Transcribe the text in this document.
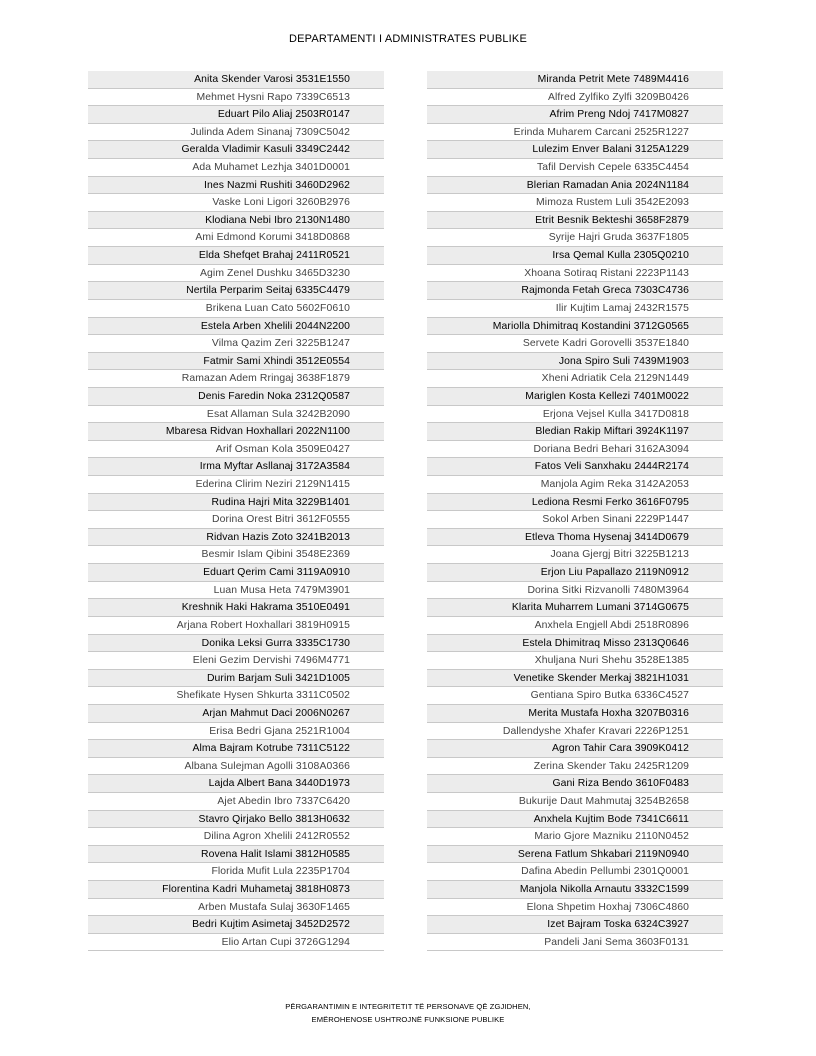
DEPARTAMENTI I ADMINISTRATES PUBLIKE
Anita Skender Varosi 3531E1550
Mehmet Hysni Rapo 7339C6513
Eduart Pilo Aliaj 2503R0147
Julinda Adem Sinanaj 7309C5042
Geralda Vladimir Kasuli 3349C2442
Ada Muhamet Lezhja 3401D0001
Ines Nazmi Rushiti 3460D2962
Vaske Loni Ligori 3260B2976
Klodiana Nebi Ibro 2130N1480
Ami Edmond Korumi 3418D0868
Elda Shefqet Brahaj 2411R0521
Agim Zenel Dushku 3465D3230
Nertila Perparim Seitaj 6335C4479
Brikena Luan Cato 5602F0610
Estela Arben Xhelili 2044N2200
Vilma Qazim Zeri 3225B1247
Fatmir Sami Xhindi 3512E0554
Ramazan Adem Rringaj 3638F1879
Denis Faredin Noka 2312Q0587
Esat Allaman Sula 3242B2090
Mbaresa Ridvan Hoxhallari 2022N1100
Arif Osman Kola 3509E0427
Irma Myftar Asllanaj 3172A3584
Ederina Clirim Neziri 2129N1415
Rudina Hajri Mita 3229B1401
Dorina Orest Bitri 3612F0555
Ridvan Hazis Zoto 3241B2013
Besmir Islam Qibini 3548E2369
Eduart Qerim Cami 3119A0910
Luan Musa Heta 7479M3901
Kreshnik Haki Hakrama 3510E0491
Arjana Robert Hoxhallari 3819H0915
Donika Leksi Gurra 3335C1730
Eleni Gezim Dervishi 7496M4771
Durim Barjam Suli 3421D1005
Shefikate Hysen Shkurta 3311C0502
Arjan Mahmut Daci 2006N0267
Erisa Bedri Gjana 2521R1004
Alma Bajram Kotrube 7311C5122
Albana Sulejman Agolli 3108A0366
Lajda Albert Bana 3440D1973
Ajet Abedin Ibro 7337C6420
Stavro Qirjako Bello 3813H0632
Dilina Agron Xhelili 2412R0552
Rovena Halit Islami 3812H0585
Florida Mufit Lula 2235P1704
Florentina Kadri Muhametaj 3818H0873
Arben Mustafa Sulaj 3630F1465
Bedri Kujtim Asimetaj 3452D2572
Elio Artan Cupi 3726G1294
Miranda Petrit Mete 7489M4416
Alfred Zylfiko Zylfi 3209B0426
Afrim Preng Ndoj 7417M0827
Erinda Muharem Carcani 2525R1227
Lulezim Enver Balani 3125A1229
Tafil Dervish Cepele 6335C4454
Blerian Ramadan Ania 2024N1184
Mimoza Rustem Luli 3542E2093
Etrit Besnik Bekteshi 3658F2879
Syrije Hajri Gruda 3637F1805
Irsa Qemal Kulla 2305Q0210
Xhoana Sotiraq Ristani 2223P1143
Rajmonda Fetah Greca 7303C4736
Ilir Kujtim Lamaj 2432R1575
Mariolla Dhimitraq Kostandini 3712G0565
Servete Kadri Gorovelli 3537E1840
Jona Spiro Suli 7439M1903
Xheni Adriatik Cela 2129N1449
Mariglen Kosta Kellezi 7401M0022
Erjona Vejsel Kulla 3417D0818
Bledian Rakip Miftari 3924K1197
Doriana Bedri Behari 3162A3094
Fatos Veli Sanxhaku 2444R2174
Manjola Agim Reka 3142A2053
Lediona Resmi Ferko 3616F0795
Sokol Arben Sinani 2229P1447
Etleva Thoma Hysenaj 3414D0679
Joana Gjergj Bitri 3225B1213
Erjon Liu Papallazo 2119N0912
Dorina Sitki Rizvanolli 7480M3964
Klarita Muharrem Lumani 3714G0675
Anxhela Engjell Abdi 2518R0896
Estela Dhimitraq Misso 2313Q0646
Xhuljana Nuri Shehu 3528E1385
Venetike Skender Merkaj 3821H1031
Gentiana Spiro Butka 6336C4527
Merita Mustafa Hoxha 3207B0316
Dallendyshe Xhafer Kravari 2226P1251
Agron Tahir Cara 3909K0412
Zerina Skender Taku 2425R1209
Gani Riza Bendo 3610F0483
Bukurije Daut Mahmutaj 3254B2658
Anxhela Kujtim Bode 7341C6611
Mario Gjore Mazniku 2110N0452
Serena Fatlum Shkabari 2119N0940
Dafina Abedin Pellumbi 2301Q0001
Manjola Nikolla Arnautu 3332C1599
Elona Shpetim Hoxhaj 7306C4860
Izet Bajram Toska 6324C3927
Pandeli Jani Sema 3603F0131
PËRGARANTIMIN E INTEGRITETIT TË PERSONAVE QË ZGJIDHEN,
EMËROHENOSE USHTROJNË FUNKSIONE PUBLIKE
